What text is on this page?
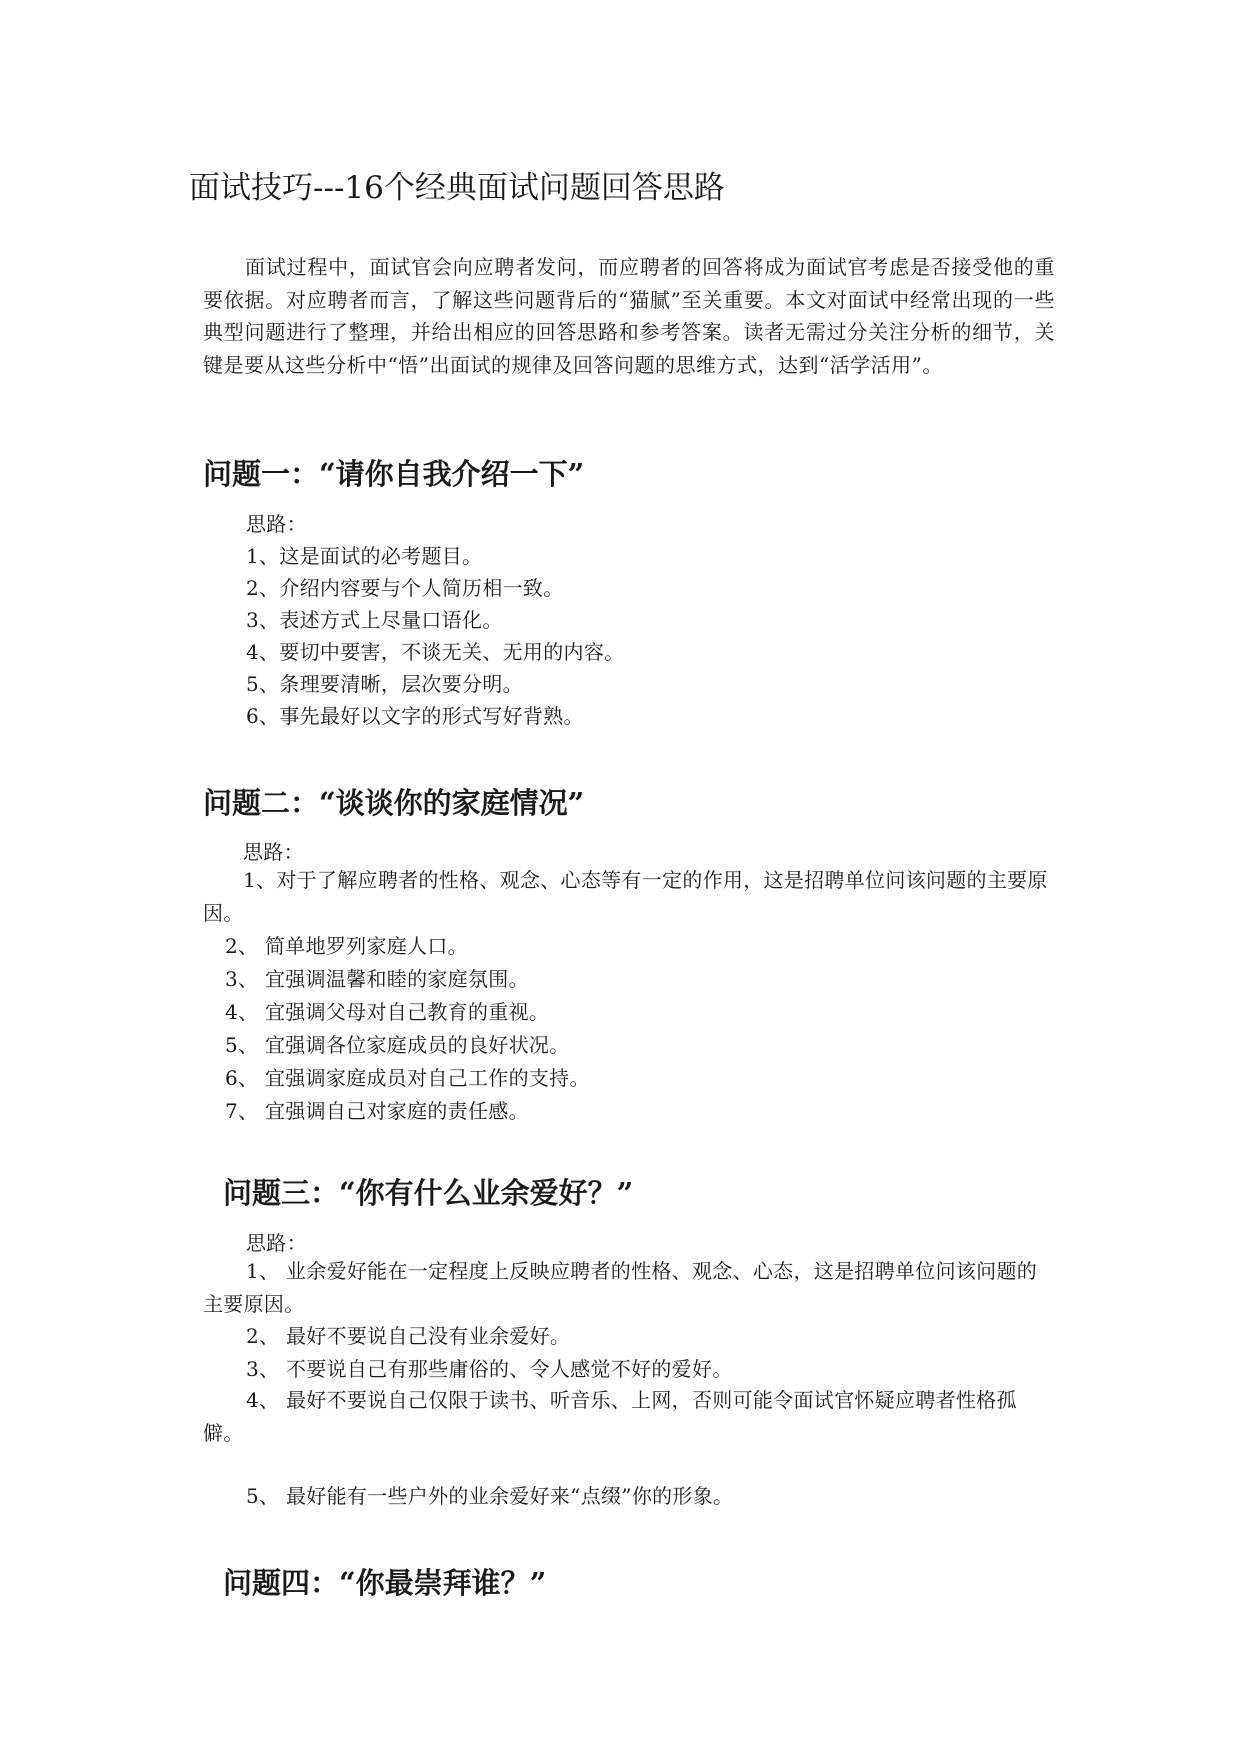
面试技巧---16个经典面试问题回答思路

面试过程中，面试官会向应聘者发问，而应聘者的回答将成为面试官考虑是否接受他的重要依据。对应聘者而言，了解这些问题背后的“猫腻”至关重要。本文对面试中经常出现的一些典型问题进行了整理，并给出相应的回答思路和参考答案。读者无需过分关注分析的细节，关键是要从这些分析中“悟”出面试的规律及回答问题的思维方式，达到“活学活用”。

问题一：“请你自我介绍一下”

思路：

1、这是面试的必考题目。

2、介绍内容要与个人简历相一致。

3、表述方式上尽量口语化。

4、要切中要害，不谈无关、无用的内容。

5、条理要清晰，层次要分明。

6、事先最好以文字的形式写好背熟。

问题二：“谈谈你的家庭情况”

思路：

1、对于了解应聘者的性格、观念、心态等有一定的作用，这是招聘单位问该问题的主要原因。

2、 简单地罗列家庭人口。

3、 宜强调温馨和睦的家庭氛围。

4、 宜强调父母对自己教育的重视。

5、 宜强调各位家庭成员的良好状况。

6、 宜强调家庭成员对自己工作的支持。

7、 宜强调自己对家庭的责任感。

问题三：“你有什么业余爱好？”

思路：

1、 业余爱好能在一定程度上反映应聘者的性格、观念、心态，这是招聘单位问该问题的主要原因。

2、 最好不要说自己没有业余爱好。

3、 不要说自己有那些庸俗的、令人感觉不好的爱好。

4、 最好不要说自己仅限于读书、听音乐、上网，否则可能令面试官怀疑应聘者性格孤僻。

5、 最好能有一些户外的业余爱好来“点缀”你的形象。

问题四：“你最崇拜谁？”
